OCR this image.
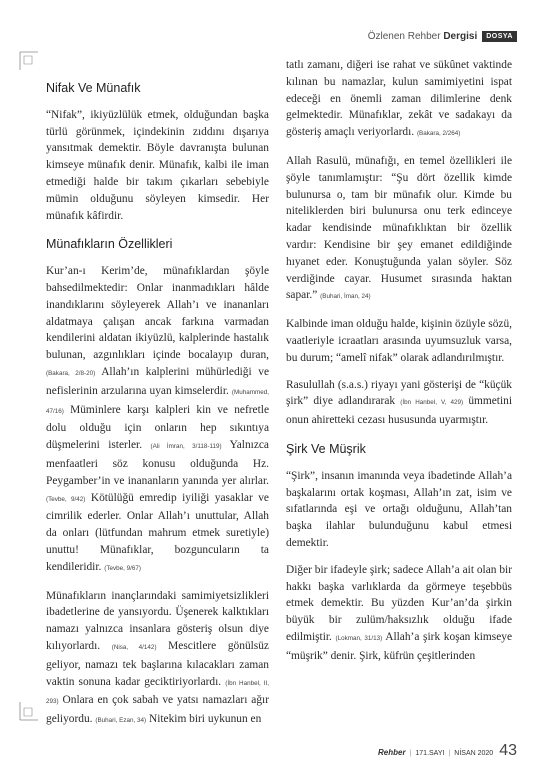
Özlenen Rehber Dergisi	DOSYA
Nifak Ve Münafık

“Nifak”, ikiyüzlülük etmek, olduğundan başka türlü görünmek, içindekinin zıddını dışarıya yansıtmak demektir. Böyle davranışta bulunan kimseye münafık denir. Münafık, kalbi ile iman etmediği halde bir takım çıkarları sebebiyle mümin olduğunu söyleyen kimsedir. Her münafık kâfirdir.

Münafıkların Özellikleri

Kur’an-ı Kerim’de, münafıklardan şöyle bahsedilmektedir: Onlar inanmadıkları hâlde inandıklarını söyleyerek Allah’ı ve inananları aldatmaya çalışan ancak farkına varmadan kendilerini aldatan ikiyüzlü, kalplerinde hastalık bulunan, azgınlıkları içinde bocalayıp duran, (Bakara, 2/8-20) Allah’ın kalplerini mühürlediği ve nefislerinin arzularına uyan kimselerdir. (Muhammed, 47/16) Müminlere karşı kalpleri kin ve nefretle dolu olduğu için onların hep sıkıntıya düşmelerini isterler. (Ali İmran, 3/118-119) Yalnızca menfaatleri söz konusu olduğunda Hz. Peygamber’in ve inananların yanında yer alırlar. (Tevbe, 9/42) Kötülüğü emredip iyiliği yasaklar ve cimrilik ederler. Onlar Allah’ı unuttular, Allah da onları (lütfundan mahrum etmek suretiyle) unuttu! Münafıklar, bozguncuların ta kendileridir. (Tevbe, 9/67)

Münafıkların inançlarındaki samimiyetsizlikleri ibadetlerine de yansıyordu. Üşenerek kalktıkları namazı yalnızca insanlara gösteriş olsun diye kılıyorlardı. (Nisa, 4/142) Mescitlere gönülsüz geliyor, namazı tek başlarına kılacakları zaman vaktin sonuna kadar geciktiriyorlardı. (İbn Hanbel, II, 293) Onlara en çok sabah ve yatsı namazları ağır geliyordu. (Buhari, Ezan, 34) Nitekim biri uykunun en

tatlı zamanı, diğeri ise rahat ve sükûnet vaktinde kılınan bu namazlar, kulun samimiyetini ispat edeceği en önemli zaman dilimlerine denk gelmektedir. Münafıklar, zekât ve sadakayı da gösteriş amaçlı veriyorlardı. (Bakara, 2/264)

Allah Rasulü, münafığı, en temel özellikleri ile şöyle tanımlamıştır: “Şu dört özellik kimde bulunursa o, tam bir münafık olur. Kimde bu niteliklerden biri bulunursa onu terk edinceye kadar kendisinde münafıklıktan bir özellik vardır: Kendisine bir şey emanet edildiğinde hıyanet eder. Konuştuğunda yalan söyler. Söz verdiğinde cayar. Husumet sırasında haktan sapar.” (Buhari, İman, 24)

Kalbinde iman olduğu halde, kişinin özüyle sözü, vaatleriyle icraatları arasında uyumsuzluk varsa, bu durum; “amelî nifak” olarak adlandırılmıştır.

Rasulullah (s.a.s.) riyayı yani gösterişi de “küçük şirk” diye adlandırarak (İbn Hanbel, V, 429) ümmetini onun ahiretteki cezası hususunda uyarmıştır.

Şirk Ve Müşrik

“Şirk”, insanın imanında veya ibadetinde Allah’a başkalarını ortak koşması, Allah’ın zat, isim ve sıfatlarında eşi ve ortağı olduğunu, Allah’tan başka ilahlar bulunduğunu kabul etmesi demektir.

Diğer bir ifadeyle şirk; sadece Allah’a ait olan bir hakkı başka varlıklarda da görmeye teşebbüs etmek demektir. Bu yüzden Kur’an’da şirkin büyük bir zulüm/haksızlık olduğu ifade edilmiştir. (Lokman, 31/13) Allah’a şirk koşan kimseye “müşrik” denir. Şirk, küfrün çeşitlerinden

Rehber | 171.SAYI | NİSAN 2020 43
